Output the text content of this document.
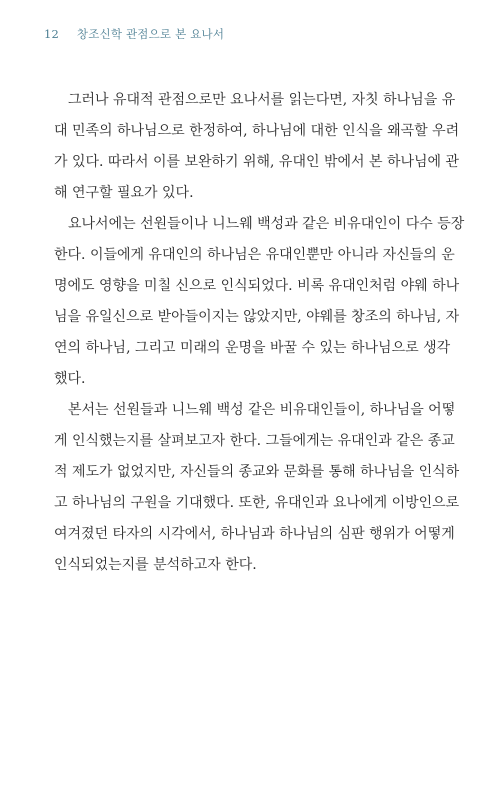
12 창조신학 관점으로 본 요나서
그러나 유대적 관점으로만 요나서를 읽는다면, 자칫 하나님을 유
대 민족의 하나님으로 한정하여, 하나님에 대한 인식을 왜곡할 우려
가 있다. 따라서 이를 보완하기 위해, 유대인 밖에서 본 하나님에 관
해 연구할 필요가 있다.
요나서에는 선원들이나 니느웨 백성과 같은 비유대인이 다수 등장
한다. 이들에게 유대인의 하나님은 유대인뿐만 아니라 자신들의 운
명에도 영향을 미칠 신으로 인식되었다. 비록 유대인처럼 야웨 하나
님을 유일신으로 받아들이지는 않았지만, 야웨를 창조의 하나님, 자
연의 하나님, 그리고 미래의 운명을 바꿀 수 있는 하나님으로 생각
했다.
본서는 선원들과 니느웨 백성 같은 비유대인들이, 하나님을 어떻
게 인식했는지를 살펴보고자 한다. 그들에게는 유대인과 같은 종교
적 제도가 없었지만, 자신들의 종교와 문화를 통해 하나님을 인식하
고 하나님의 구원을 기대했다. 또한, 유대인과 요나에게 이방인으로
여겨졌던 타자의 시각에서, 하나님과 하나님의 심판 행위가 어떻게
인식되었는지를 분석하고자 한다.
